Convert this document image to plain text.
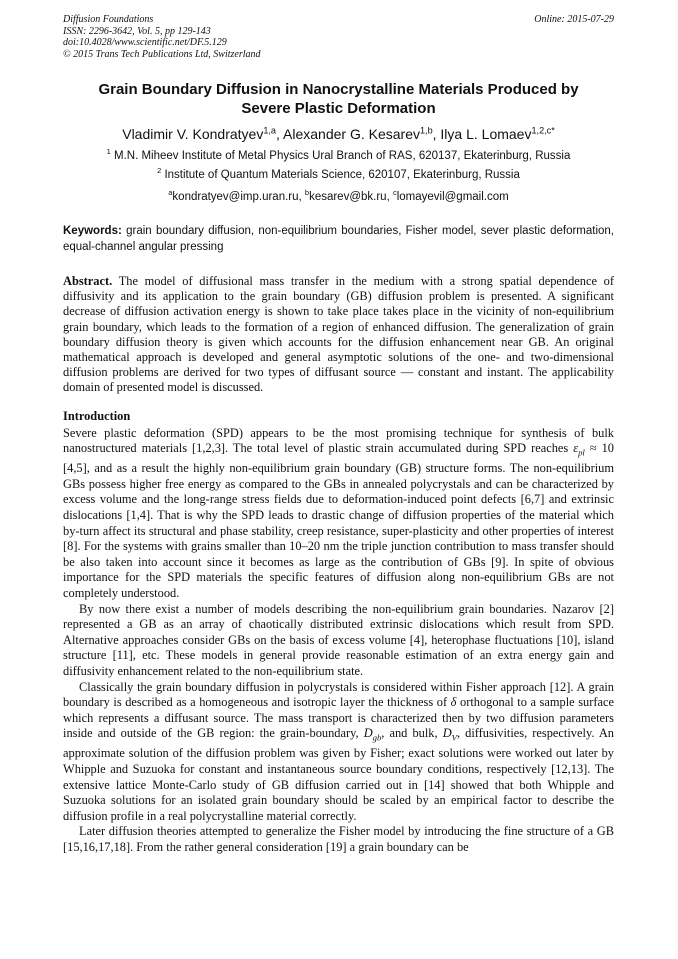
Diffusion Foundations
ISSN: 2296-3642, Vol. 5, pp 129-143
doi:10.4028/www.scientific.net/DF.5.129
© 2015 Trans Tech Publications Ltd, Switzerland
Online: 2015-07-29
Grain Boundary Diffusion in Nanocrystalline Materials Produced by
Severe Plastic Deformation
Vladimir V. Kondratyev$^{1,a}$, Alexander G. Kesarev$^{1,b}$, Ilya L. Lomaev$^{1,2,c*}$
$^1$ M.N. Miheev Institute of Metal Physics Ural Branch of RAS, 620137, Ekaterinburg, Russia
$^2$ Institute of Quantum Materials Science, 620107, Ekaterinburg, Russia
$^a$kondratyev@imp.uran.ru, $^b$kesarev@bk.ru, $^c$lomayevil@gmail.com
Keywords: grain boundary diffusion, non-equilibrium boundaries, Fisher model, sever plastic deformation, equal-channel angular pressing
Abstract. The model of diffusional mass transfer in the medium with a strong spatial dependence of diffusivity and its application to the grain boundary (GB) diffusion problem is presented. A significant decrease of diffusion activation energy is shown to take place takes place in the vicinity of non-equilibrium grain boundary, which leads to the formation of a region of enhanced diffusion. The generalization of grain boundary diffusion theory is given which accounts for the diffusion enhancement near GB. An original mathematical approach is developed and general asymptotic solutions of the one- and two-dimensional diffusion problems are derived for two types of diffusant source — constant and instant. The applicability domain of presented model is discussed.
Introduction

Severe plastic deformation (SPD) appears to be the most promising technique for synthesis of bulk nanostructured materials [1,2,3]. The total level of plastic strain accumulated during SPD reaches $\varepsilon_{pl} \approx 10$ [4,5], and as a result the highly non-equilibrium grain boundary (GB) structure forms. The non-equilibrium GBs possess higher free energy as compared to the GBs in annealed polycrystals and can be characterized by excess volume and the long-range stress fields due to deformation-induced point defects [6,7] and extrinsic dislocations [1,4]. That is why the SPD leads to drastic change of diffusion properties of the material which by-turn affect its structural and phase stability, creep resistance, super-plasticity and other properties of interest [8]. For the systems with grains smaller than 10–20 nm the triple junction contribution to mass transfer should be also taken into account since it becomes as large as the contribution of GBs [9]. In spite of obvious importance for the SPD materials the specific features of diffusion along non-equilibrium GBs are not completely understood.

By now there exist a number of models describing the non-equilibrium grain boundaries. Nazarov [2] represented a GB as an array of chaotically distributed extrinsic dislocations which result from SPD. Alternative approaches consider GBs on the basis of excess volume [4], heterophase fluctuations [10], island structure [11], etc. These models in general provide reasonable estimation of an extra energy gain and diffusivity enhancement related to the non-equilibrium state.

Classically the grain boundary diffusion in polycrystals is considered within Fisher approach [12]. A grain boundary is described as a homogeneous and isotropic layer the thickness of δ orthogonal to a sample surface which represents a diffusant source. The mass transport is characterized then by two diffusion parameters inside and outside of the GB region: the grain-boundary, $D_{gb}$, and bulk, $D_V$, diffusivities, respectively. An approximate solution of the diffusion problem was given by Fisher; exact solutions were worked out later by Whipple and Suzuoka for constant and instantaneous source boundary conditions, respectively [12,13]. The extensive lattice Monte-Carlo study of GB diffusion carried out in [14] showed that both Whipple and Suzuoka solutions for an isolated grain boundary should be scaled by an empirical factor to describe the diffusion profile in a real polycrystalline material correctly.

Later diffusion theories attempted to generalize the Fisher model by introducing the fine structure of a GB [15,16,17,18]. From the rather general consideration [19] a grain boundary can be
